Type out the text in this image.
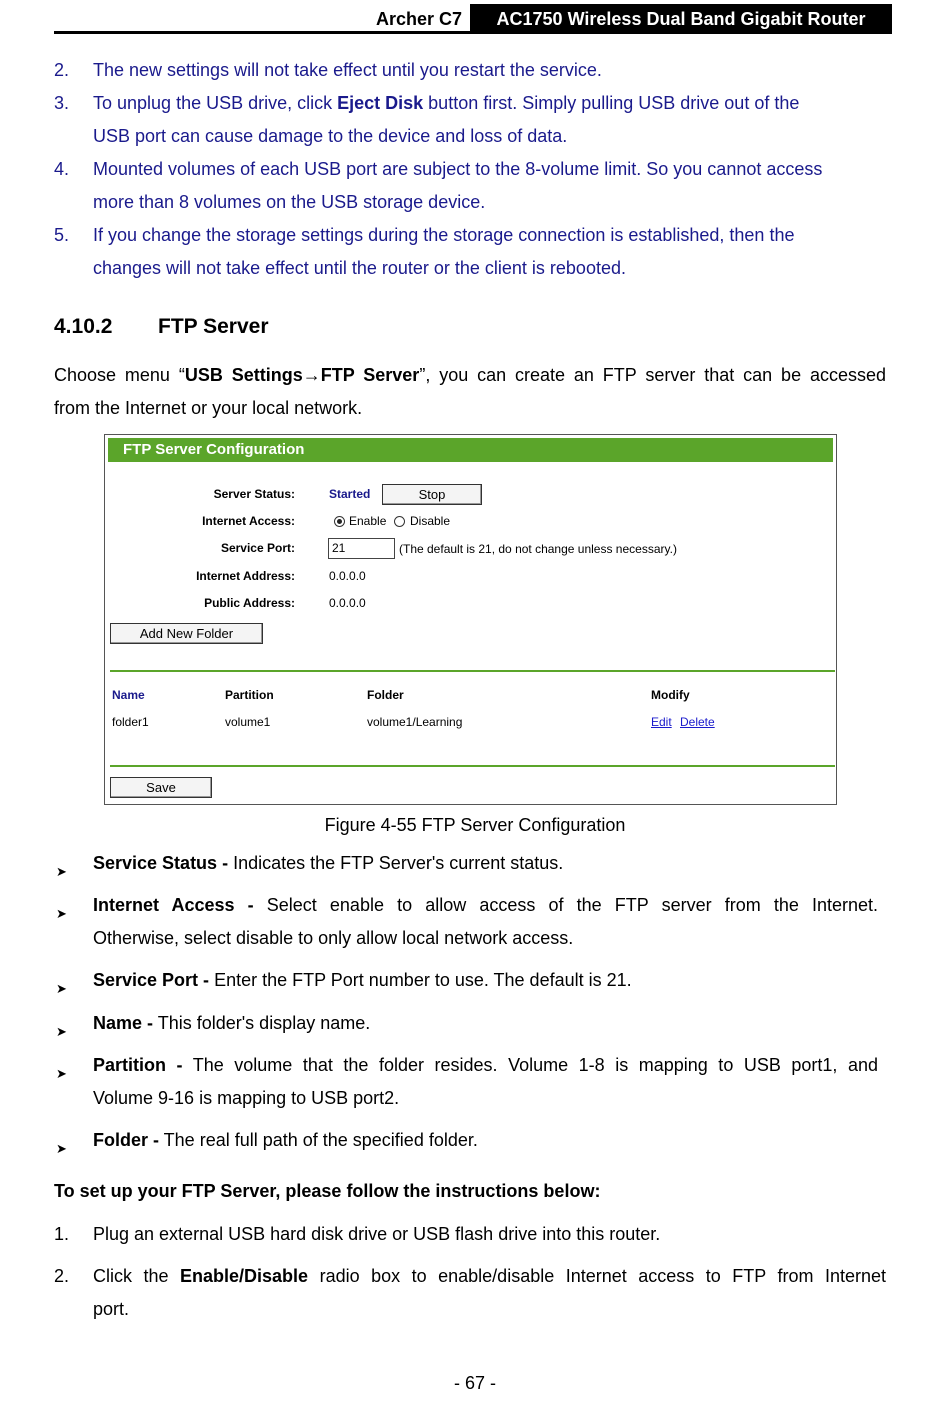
Archer C7	AC1750 Wireless Dual Band Gigabit Router
2. The new settings will not take effect until you restart the service.
3. To unplug the USB drive, click Eject Disk button first. Simply pulling USB drive out of the
USB port can cause damage to the device and loss of data.
4. Mounted volumes of each USB port are subject to the 8-volume limit. So you cannot access
more than 8 volumes on the USB storage device.
5. If you change the storage settings during the storage connection is established, then the
changes will not take effect until the router or the client is rebooted.
4.10.2 FTP Server
Choose menu “USB Settings→FTP Server”, you can create an FTP server that can be accessed
from the Internet or your local network.
FTP Server Configuration
Server Status:	Started	Stop
Internet Access:	Enable Disable
Service Port:	21	(The default is 21, do not change unless necessary.)
Internet Address:	0.0.0.0
Public Address:	0.0.0.0
Add New Folder
Name	Partition	Folder	Modify
folder1	volume1	volume1/Learning	Edit Delete
Save
Figure 4-55 FTP Server Configuration
➤ Service Status - Indicates the FTP Server's current status.
➤ Internet Access - Select enable to allow access of the FTP server from the Internet.
Otherwise, select disable to only allow local network access.
➤ Service Port - Enter the FTP Port number to use. The default is 21.
➤ Name - This folder's display name.
➤ Partition - The volume that the folder resides. Volume 1-8 is mapping to USB port1, and
Volume 9-16 is mapping to USB port2.
➤ Folder - The real full path of the specified folder.
To set up your FTP Server, please follow the instructions below:
1. Plug an external USB hard disk drive or USB flash drive into this router.
2. Click the Enable/Disable radio box to enable/disable Internet access to FTP from Internet
port.
- 67 -
